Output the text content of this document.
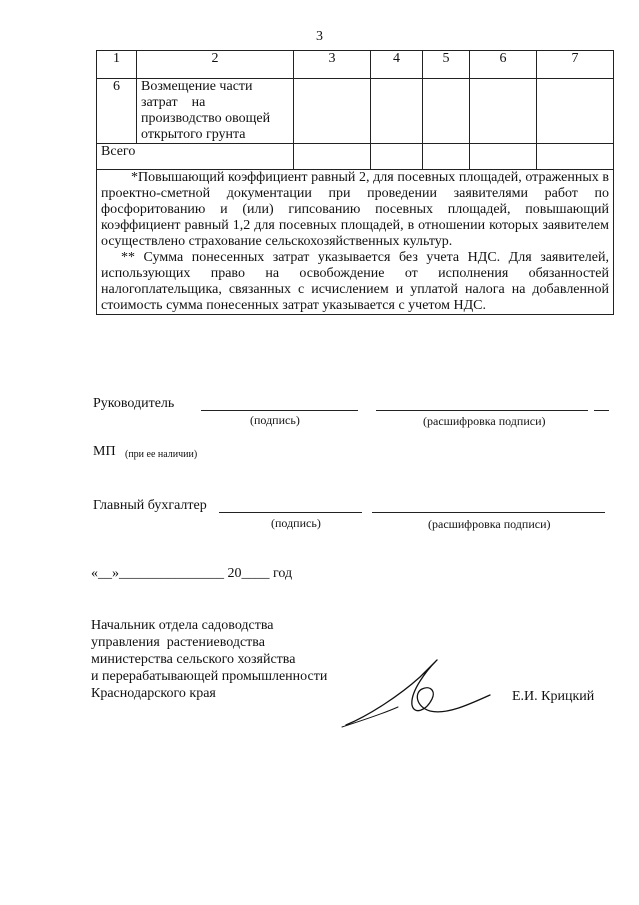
3
1	2	3	4	5	6	7
6	Возмещение части
затрат    на
производство овощей
открытого грунта					

Всего						

*Повышающий коэффициент равный 2, для посевных площадей, отраженных в проектно-сметной документации при проведении заявителями работ по фосфоритованию и (или) гипсованию посевных площадей, повышающий коэффициент равный 1,2 для посевных площадей, в отношении которых заявителем осуществлено страхование сельскохозяйственных культур.

** Сумма понесенных затрат указывается без учета НДС. Для заявителей, использующих право на освобождение от исполнения обязанностей налогоплательщика, связанных с исчислением и уплатой налога на добавленной стоимость сумма понесенных затрат указывается с учетом НДС.						

Руководитель
(подпись)	(расшифровка подписи)
МП (при ее наличии)
Главный бухгалтер
(подпись)	(расшифровка подписи)
«__»_______________ 20____ год
Начальник отдела садоводства
управления  растениеводства
министерства сельского хозяйства
и перерабатывающей промышленности
Краснодарского края	Е.И. Крицкий
